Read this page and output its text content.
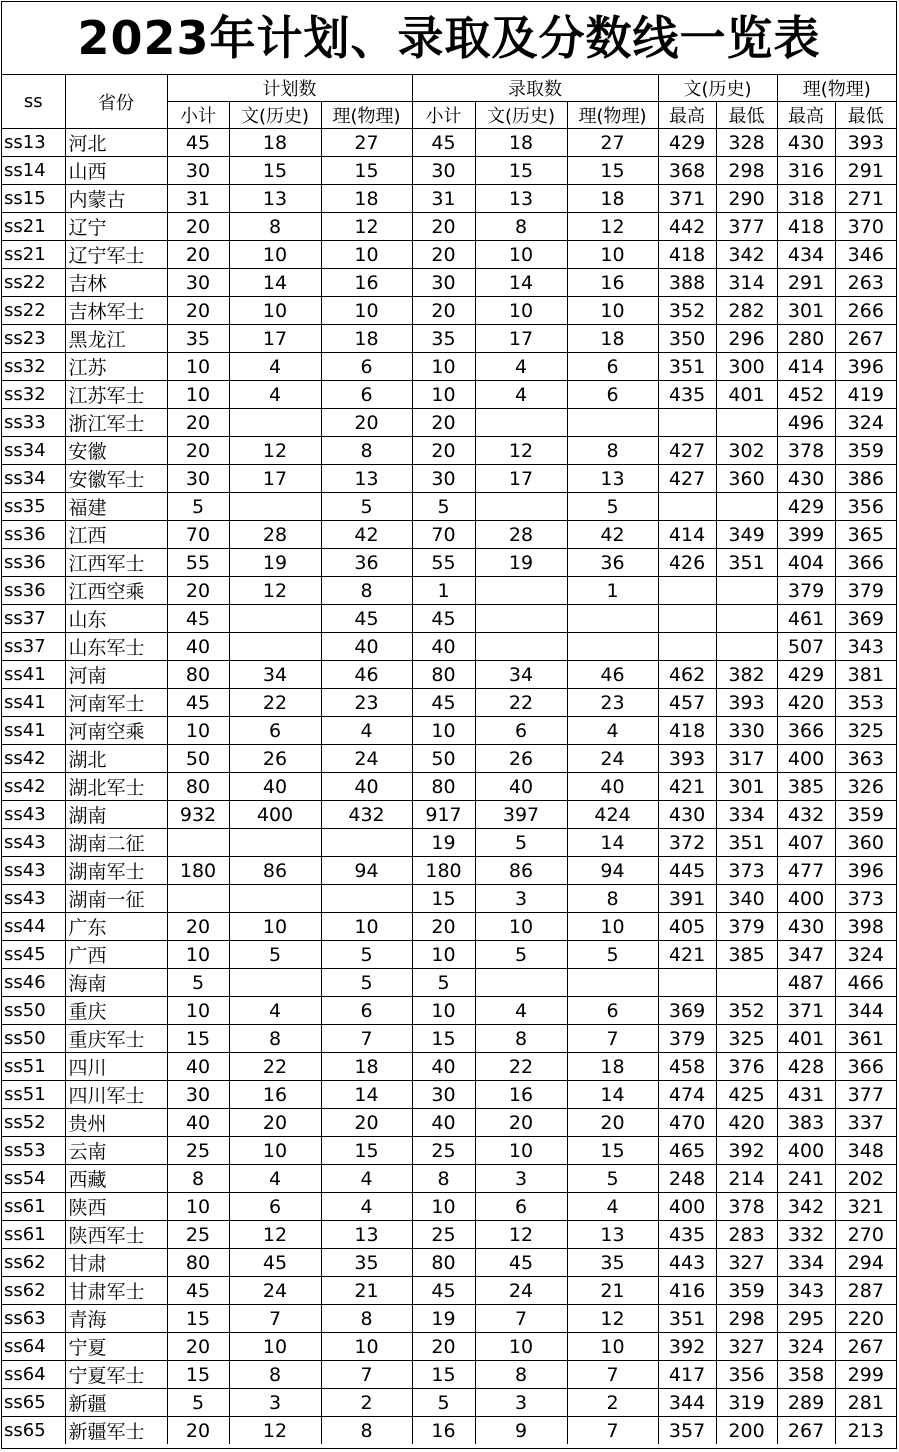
2023年计划、录取及分数线一览表
ss	省份	计划数			录取数			文(历史)		理(物理)	
		小计	文(历史)	理(物理)	小计	文(历史)	理(物理)	最高	最低	最高	最低
ss13	河北	45	18	27	45	18	27	429	328	430	393
ss14	山西	30	15	15	30	15	15	368	298	316	291
ss15	内蒙古	31	13	18	31	13	18	371	290	318	271
ss21	辽宁	20	8	12	20	8	12	442	377	418	370
ss21	辽宁军士	20	10	10	20	10	10	418	342	434	346
ss22	吉林	30	14	16	30	14	16	388	314	291	263
ss22	吉林军士	20	10	10	20	10	10	352	282	301	266
ss23	黑龙江	35	17	18	35	17	18	350	296	280	267
ss32	江苏	10	4	6	10	4	6	351	300	414	396
ss32	江苏军士	10	4	6	10	4	6	435	401	452	419
ss33	浙江军士	20		20	20					496	324
ss34	安徽	20	12	8	20	12	8	427	302	378	359
ss34	安徽军士	30	17	13	30	17	13	427	360	430	386
ss35	福建	5		5	5		5			429	356
ss36	江西	70	28	42	70	28	42	414	349	399	365
ss36	江西军士	55	19	36	55	19	36	426	351	404	366
ss36	江西空乘	20	12	8	1		1			379	379
ss37	山东	45		45	45					461	369
ss37	山东军士	40		40	40					507	343
ss41	河南	80	34	46	80	34	46	462	382	429	381
ss41	河南军士	45	22	23	45	22	23	457	393	420	353
ss41	河南空乘	10	6	4	10	6	4	418	330	366	325
ss42	湖北	50	26	24	50	26	24	393	317	400	363
ss42	湖北军士	80	40	40	80	40	40	421	301	385	326
ss43	湖南	932	400	432	917	397	424	430	334	432	359
ss43	湖南二征				19	5	14	372	351	407	360
ss43	湖南军士	180	86	94	180	86	94	445	373	477	396
ss43	湖南一征				15	3	8	391	340	400	373
ss44	广东	20	10	10	20	10	10	405	379	430	398
ss45	广西	10	5	5	10	5	5	421	385	347	324
ss46	海南	5		5	5					487	466
ss50	重庆	10	4	6	10	4	6	369	352	371	344
ss50	重庆军士	15	8	7	15	8	7	379	325	401	361
ss51	四川	40	22	18	40	22	18	458	376	428	366
ss51	四川军士	30	16	14	30	16	14	474	425	431	377
ss52	贵州	40	20	20	40	20	20	470	420	383	337
ss53	云南	25	10	15	25	10	15	465	392	400	348
ss54	西藏	8	4	4	8	3	5	248	214	241	202
ss61	陕西	10	6	4	10	6	4	400	378	342	321
ss61	陕西军士	25	12	13	25	12	13	435	283	332	270
ss62	甘肃	80	45	35	80	45	35	443	327	334	294
ss62	甘肃军士	45	24	21	45	24	21	416	359	343	287
ss63	青海	15	7	8	19	7	12	351	298	295	220
ss64	宁夏	20	10	10	20	10	10	392	327	324	267
ss64	宁夏军士	15	8	7	15	8	7	417	356	358	299
ss65	新疆	5	3	2	5	3	2	344	319	289	281
ss65	新疆军士	20	12	8	16	9	7	357	200	267	213
